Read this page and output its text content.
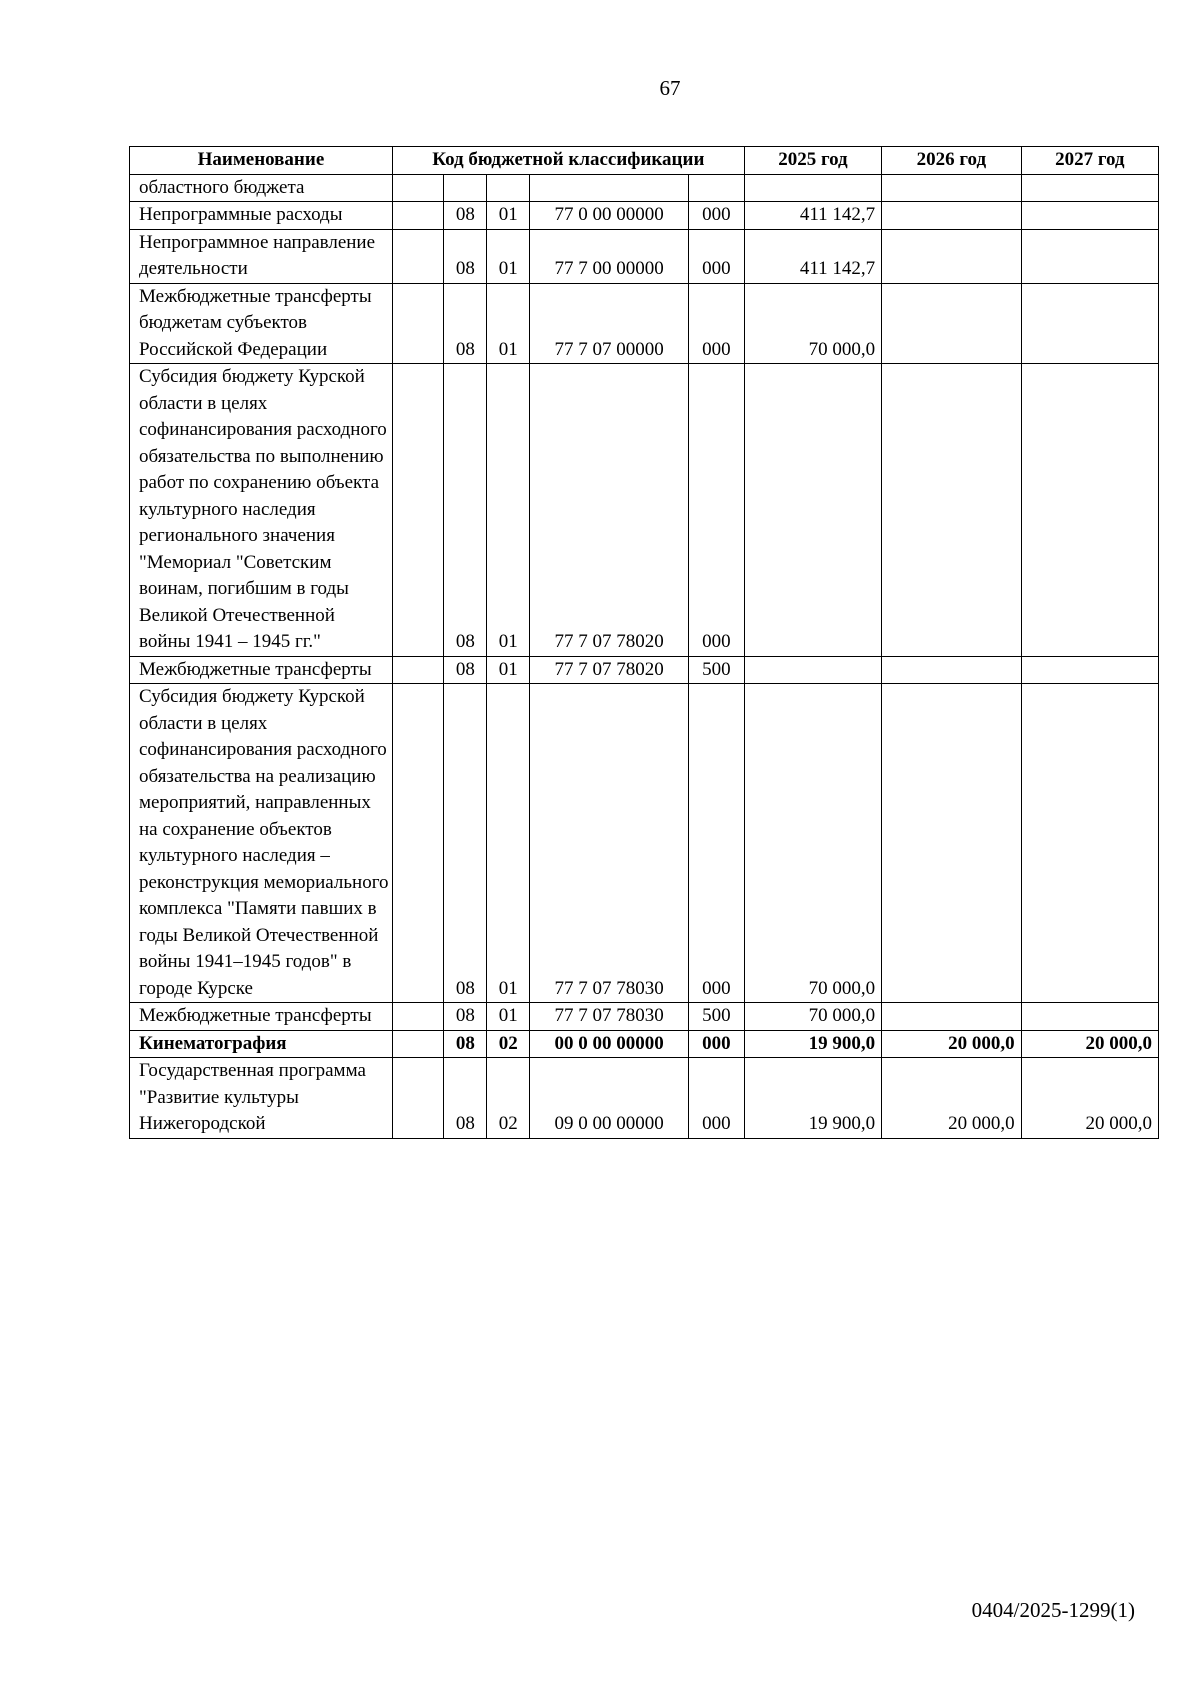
67
Наименование	Код бюджетной классификации					2025 год	2026 год	2027 год
областного бюджета								
Непрограммные расходы		08	01	77 0 00 00000	000	411 142,7		
Непрограммное направление деятельности		08	01	77 7 00 00000	000	411 142,7		
Межбюджетные трансферты бюджетам субъектов Российской Федерации		08	01	77 7 07 00000	000	70 000,0		
Субсидия бюджету Курской области в целях софинансирования расходного обязательства по выполнению работ по сохранению объекта культурного наследия регионального значения "Мемориал "Советским воинам, погибшим в годы Великой Отечественной войны 1941 – 1945 гг."		08	01	77 7 07 78020	000			
Межбюджетные трансферты		08	01	77 7 07 78020	500			
Субсидия бюджету Курской области в целях софинансирования расходного обязательства на реализацию мероприятий, направленных на сохранение объектов культурного наследия – реконструкция мемориального комплекса "Памяти павших в годы Великой Отечественной войны 1941–1945 годов" в городе Курске		08	01	77 7 07 78030	000	70 000,0		
Межбюджетные трансферты		08	01	77 7 07 78030	500	70 000,0		
Кинематография		08	02	00 0 00 00000	000	19 900,0	20 000,0	20 000,0
Государственная программа "Развитие культуры Нижегородской		08	02	09 0 00 00000	000	19 900,0	20 000,0	20 000,0
0404/2025-1299(1)
